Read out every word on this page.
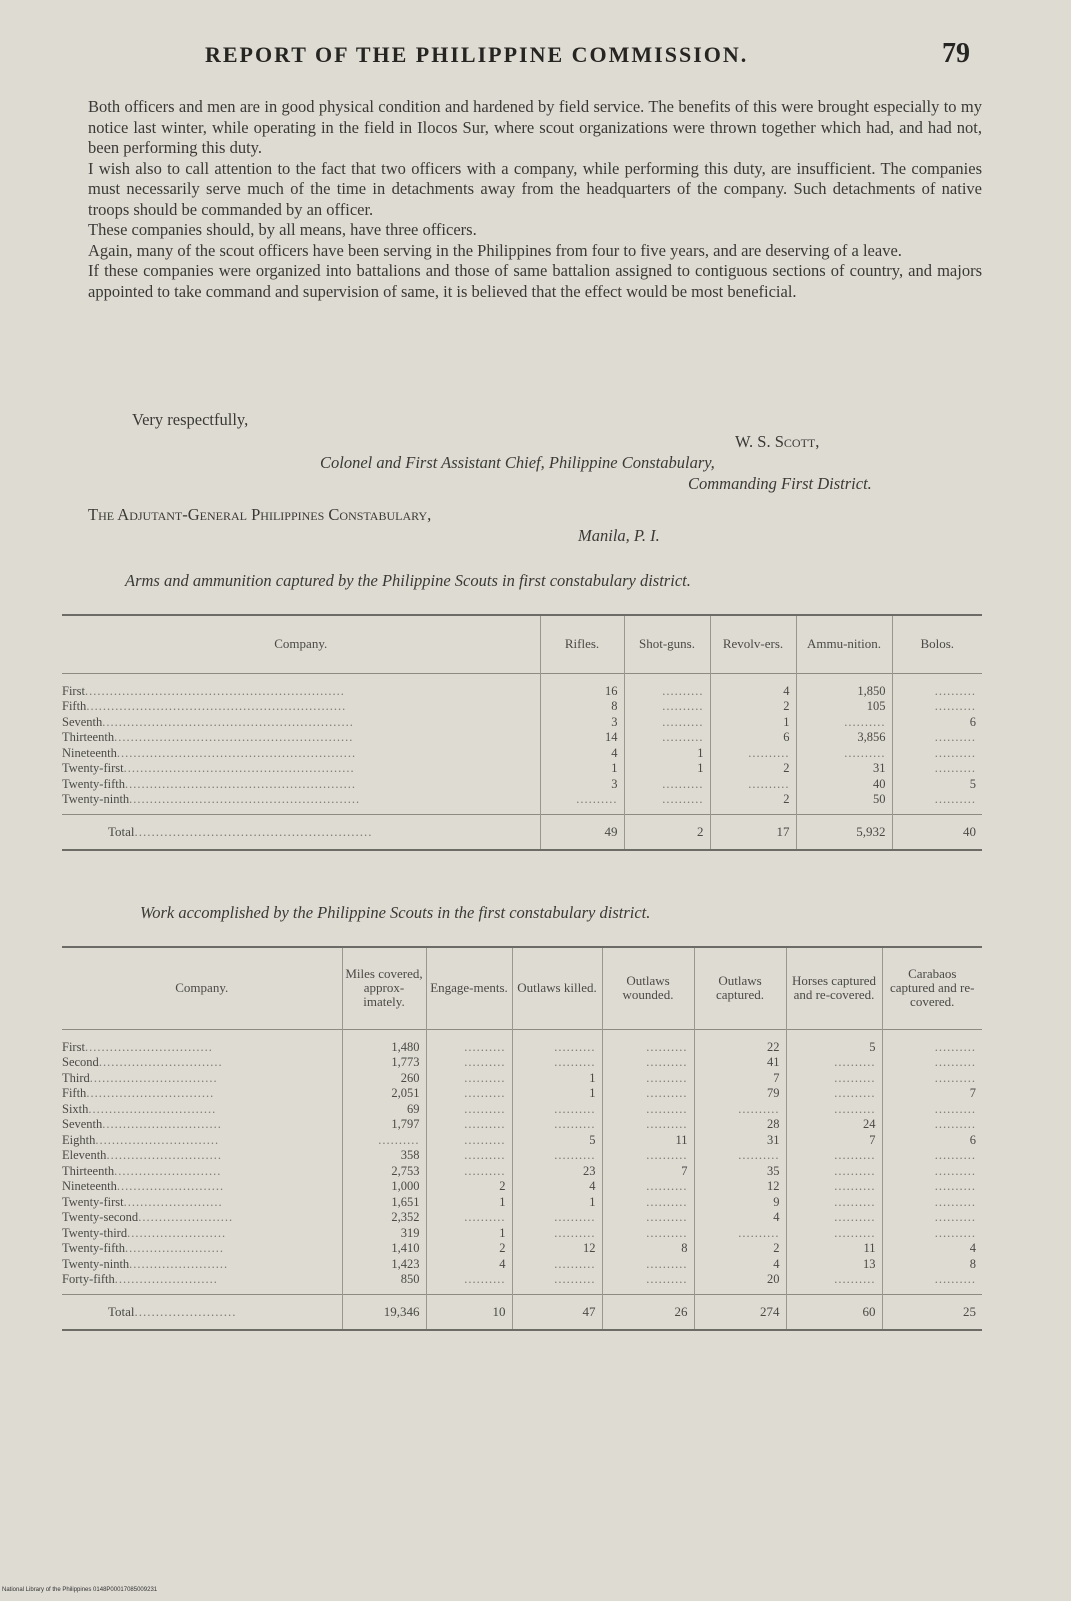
REPORT OF THE PHILIPPINE COMMISSION.	79

Both officers and men are in good physical condition and hardened by field service. The benefits of this were brought especially to my notice last winter, while operating in the field in Ilocos Sur, where scout organizations were thrown together which had, and had not, been performing this duty.

I wish also to call attention to the fact that two officers with a company, while performing this duty, are insufficient. The companies must necessarily serve much of the time in detachments away from the headquarters of the company. Such detachments of native troops should be commanded by an officer.

These companies should, by all means, have three officers.

Again, many of the scout officers have been serving in the Philippines from four to five years, and are deserving of a leave.

If these companies were organized into battalions and those of same battalion assigned to contiguous sections of country, and majors appointed to take command and supervision of same, it is believed that the effect would be most beneficial.

Very respectfully,
W. S. Scott,
Colonel and First Assistant Chief, Philippine Constabulary,
Commanding First District.
The Adjutant-General Philippines Constabulary,
Manila, P. I.
Arms and ammunition captured by the Philippine Scouts in first constabulary district.
Company.	Rifles.	Shot-guns.	Revolv-ers.	Ammu-nition.	Bolos.
First...............................................................	16	..........	4	1,850	..........
Fifth...............................................................	8	..........	2	105	..........
Seventh.............................................................	3	..........	1	..........	6
Thirteenth..........................................................	14	..........	6	3,856	..........
Nineteenth..........................................................	4	1	..........	..........	..........
Twenty-first........................................................	1	1	2	31	..........
Twenty-fifth........................................................	3	..........	..........	40	5
Twenty-ninth........................................................	..........	..........	2	50	..........
Total........................................................	49	2	17	5,932	40
Work accomplished by the Philippine Scouts in the first constabulary district.
Company.	Miles covered, approx-imately.	Engage-ments.	Outlaws killed.	Outlaws wounded.	Outlaws captured.	Horses captured and re-covered.	Carabaos captured and re-covered.
First...............................	1,480	..........	..........	..........	22	5	..........
Second..............................	1,773	..........	..........	..........	41	..........	..........
Third...............................	260	..........	1	..........	7	..........	..........
Fifth...............................	2,051	..........	1	..........	79	..........	7
Sixth...............................	69	..........	..........	..........	..........	..........	..........
Seventh.............................	1,797	..........	..........	..........	28	24	..........
Eighth..............................	..........	..........	5	11	31	7	6
Eleventh............................	358	..........	..........	..........	..........	..........	..........
Thirteenth..........................	2,753	..........	23	7	35	..........	..........
Nineteenth..........................	1,000	2	4	..........	12	..........	..........
Twenty-first........................	1,651	1	1	..........	9	..........	..........
Twenty-second.......................	2,352	..........	..........	..........	4	..........	..........
Twenty-third........................	319	1	..........	..........	..........	..........	..........
Twenty-fifth........................	1,410	2	12	8	2	11	4
Twenty-ninth........................	1,423	4	..........	..........	4	13	8
Forty-fifth.........................	850	..........	..........	..........	20	..........	..........
Total........................	19,346	10	47	26	274	60	25
National Library of the Philippines 0148P00017085009231
